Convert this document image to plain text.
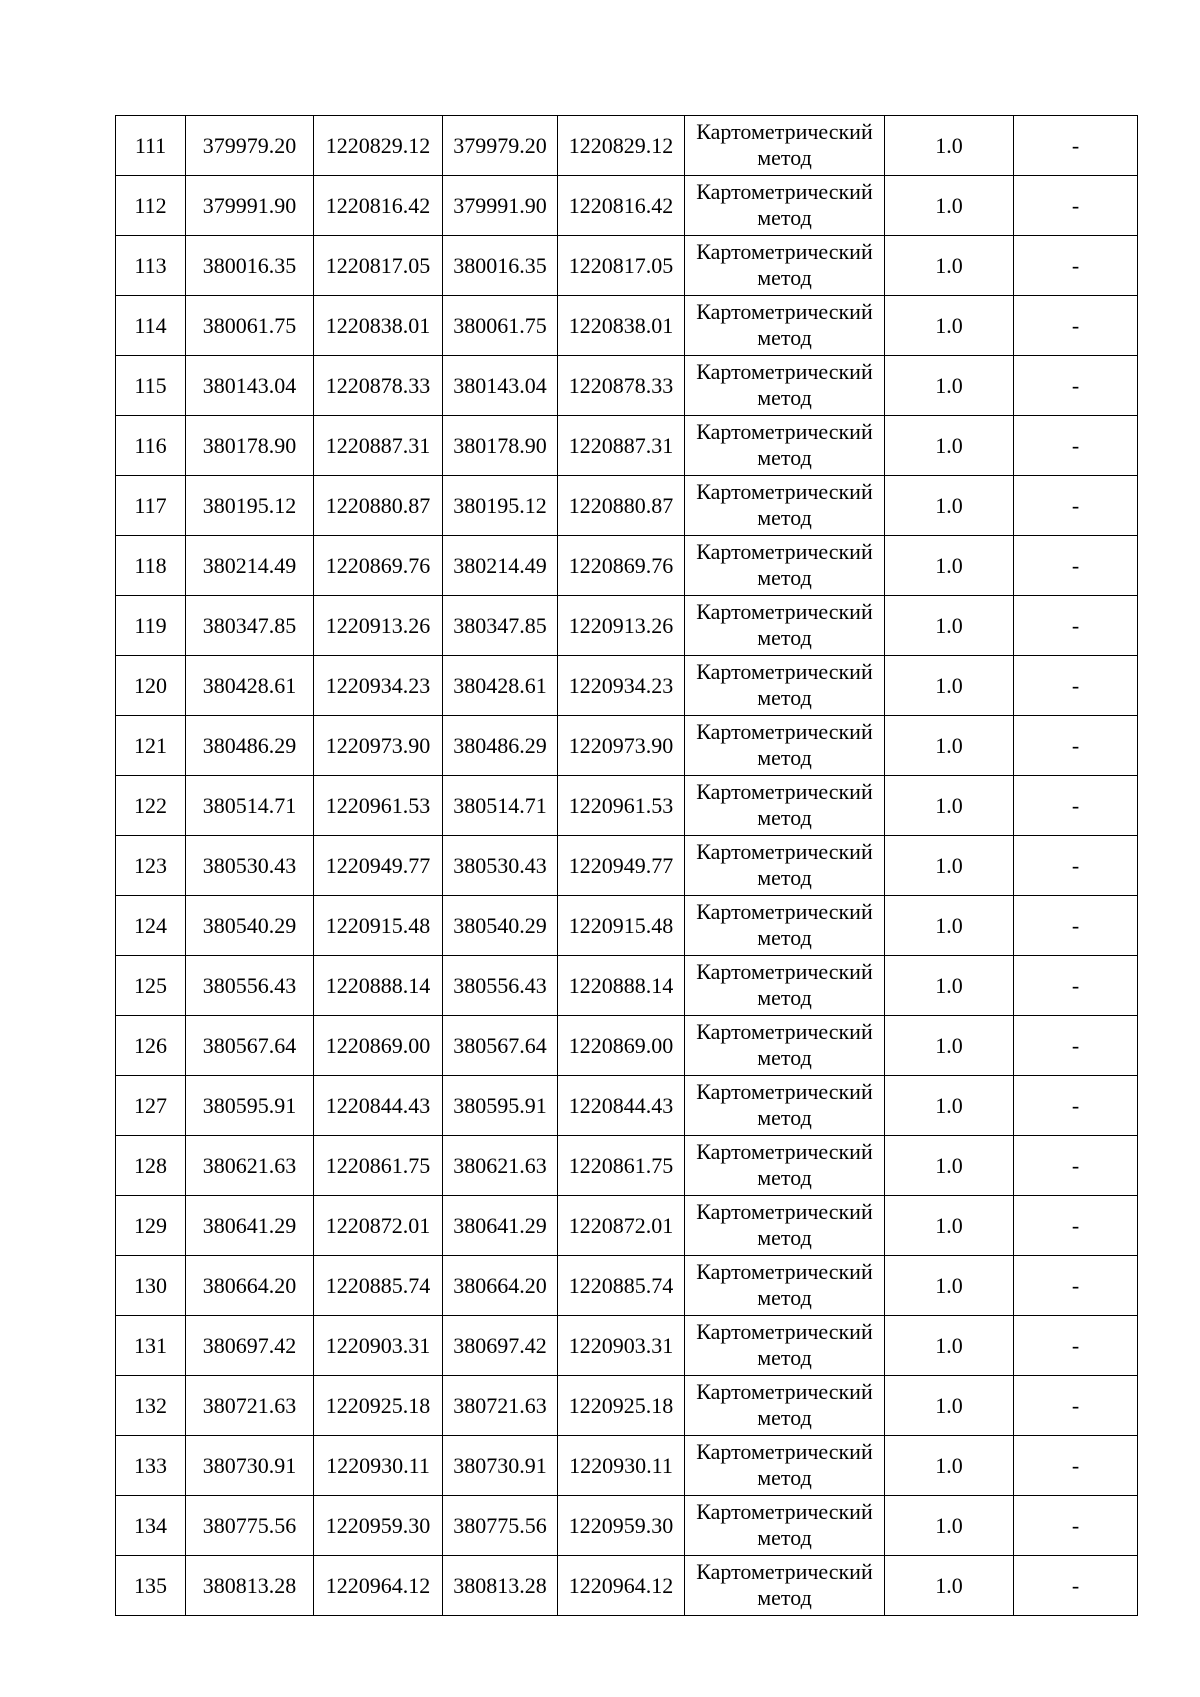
111	379979.20	1220829.12	379979.20	1220829.12	Картометрический метод	1.0	-
112	379991.90	1220816.42	379991.90	1220816.42	Картометрический метод	1.0	-
113	380016.35	1220817.05	380016.35	1220817.05	Картометрический метод	1.0	-
114	380061.75	1220838.01	380061.75	1220838.01	Картометрический метод	1.0	-
115	380143.04	1220878.33	380143.04	1220878.33	Картометрический метод	1.0	-
116	380178.90	1220887.31	380178.90	1220887.31	Картометрический метод	1.0	-
117	380195.12	1220880.87	380195.12	1220880.87	Картометрический метод	1.0	-
118	380214.49	1220869.76	380214.49	1220869.76	Картометрический метод	1.0	-
119	380347.85	1220913.26	380347.85	1220913.26	Картометрический метод	1.0	-
120	380428.61	1220934.23	380428.61	1220934.23	Картометрический метод	1.0	-
121	380486.29	1220973.90	380486.29	1220973.90	Картометрический метод	1.0	-
122	380514.71	1220961.53	380514.71	1220961.53	Картометрический метод	1.0	-
123	380530.43	1220949.77	380530.43	1220949.77	Картометрический метод	1.0	-
124	380540.29	1220915.48	380540.29	1220915.48	Картометрический метод	1.0	-
125	380556.43	1220888.14	380556.43	1220888.14	Картометрический метод	1.0	-
126	380567.64	1220869.00	380567.64	1220869.00	Картометрический метод	1.0	-
127	380595.91	1220844.43	380595.91	1220844.43	Картометрический метод	1.0	-
128	380621.63	1220861.75	380621.63	1220861.75	Картометрический метод	1.0	-
129	380641.29	1220872.01	380641.29	1220872.01	Картометрический метод	1.0	-
130	380664.20	1220885.74	380664.20	1220885.74	Картометрический метод	1.0	-
131	380697.42	1220903.31	380697.42	1220903.31	Картометрический метод	1.0	-
132	380721.63	1220925.18	380721.63	1220925.18	Картометрический метод	1.0	-
133	380730.91	1220930.11	380730.91	1220930.11	Картометрический метод	1.0	-
134	380775.56	1220959.30	380775.56	1220959.30	Картометрический метод	1.0	-
135	380813.28	1220964.12	380813.28	1220964.12	Картометрический метод	1.0	-
